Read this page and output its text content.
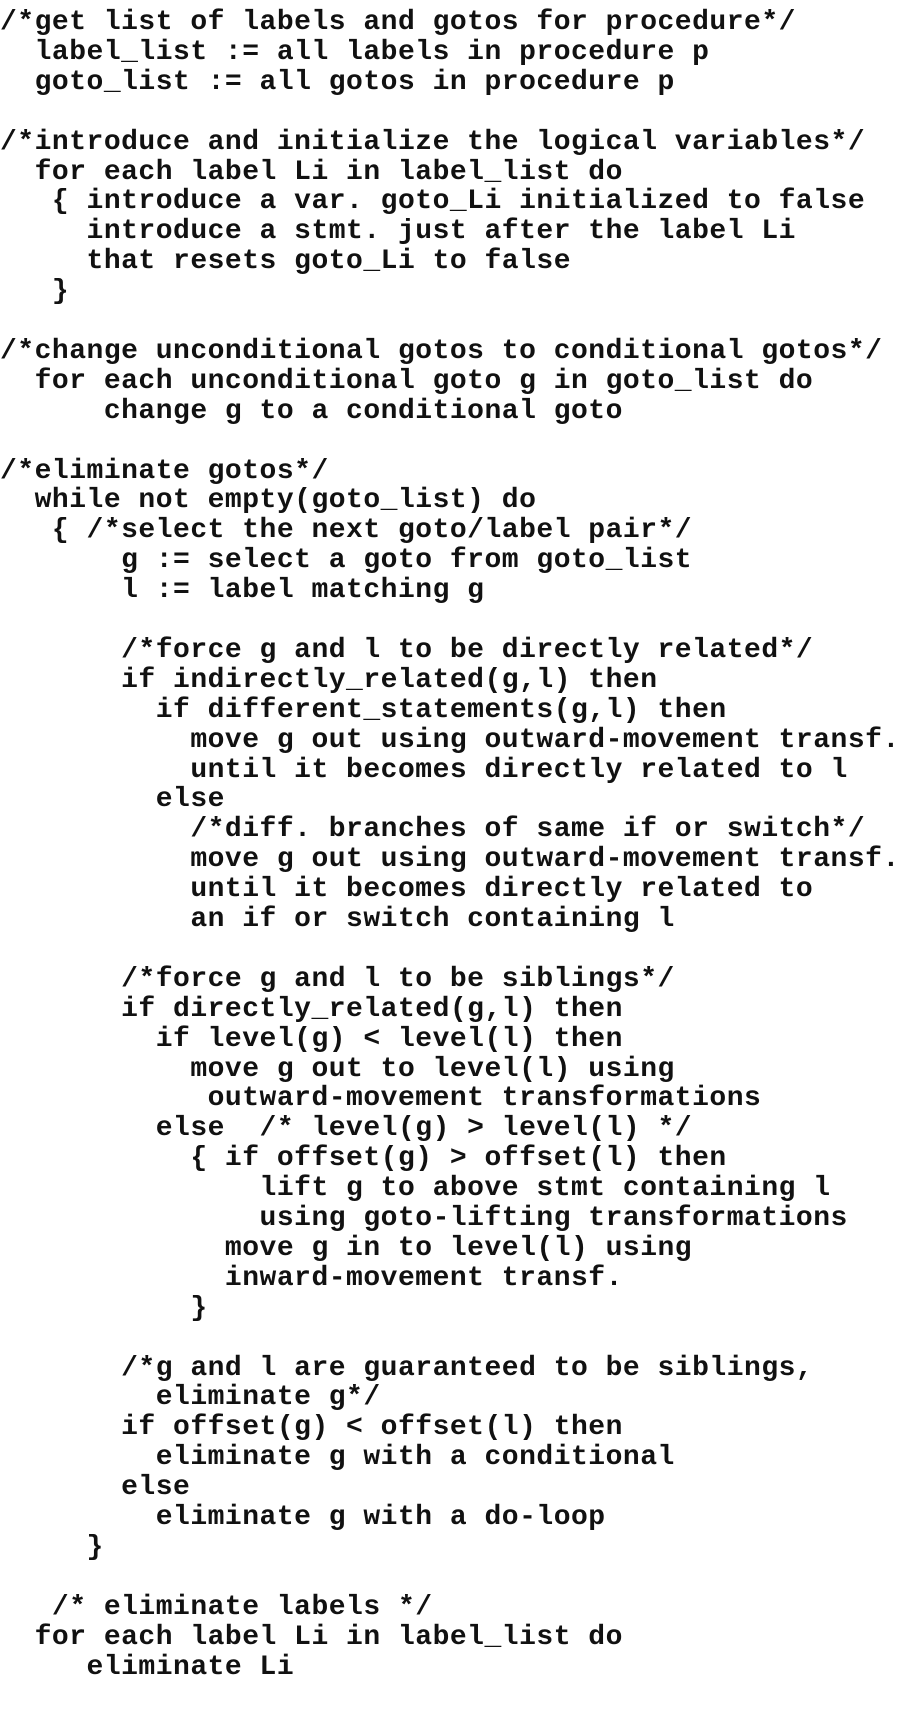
/*get list of labels and gotos for procedure*/
label_list := all labels in procedure p
goto_list := all gotos in procedure p
/*introduce and initialize the logical variables*/
for each label Li in label_list do
{ introduce a var. goto_Li initialized to false
introduce a stmt. just after the label Li
that resets goto_Li to false
}
/*change unconditional gotos to conditional gotos*/
for each unconditional goto g in goto_list do
change g to a conditional goto
/*eliminate gotos*/
while not empty(goto_list) do
{ /*select the next goto/label pair*/
g := select a goto from goto_list
l := label matching g
/*force g and l to be directly related*/
if indirectly_related(g,l) then
if different_statements(g,l) then
move g out using outward-movement transf.
until it becomes directly related to l
else
/*diff. branches of same if or switch*/
move g out using outward-movement transf.
until it becomes directly related to
an if or switch containing l
/*force g and l to be siblings*/
if directly_related(g,l) then
if level(g) < level(l) then
move g out to level(l) using
outward-movement transformations
else  /* level(g) > level(l) */
{ if offset(g) > offset(l) then
lift g to above stmt containing l
using goto-lifting transformations
move g in to level(l) using
inward-movement transf.
}
/*g and l are guaranteed to be siblings,
eliminate g*/
if offset(g) < offset(l) then
eliminate g with a conditional
else
eliminate g with a do-loop
}
/* eliminate labels */
for each label Li in label_list do
eliminate Li
